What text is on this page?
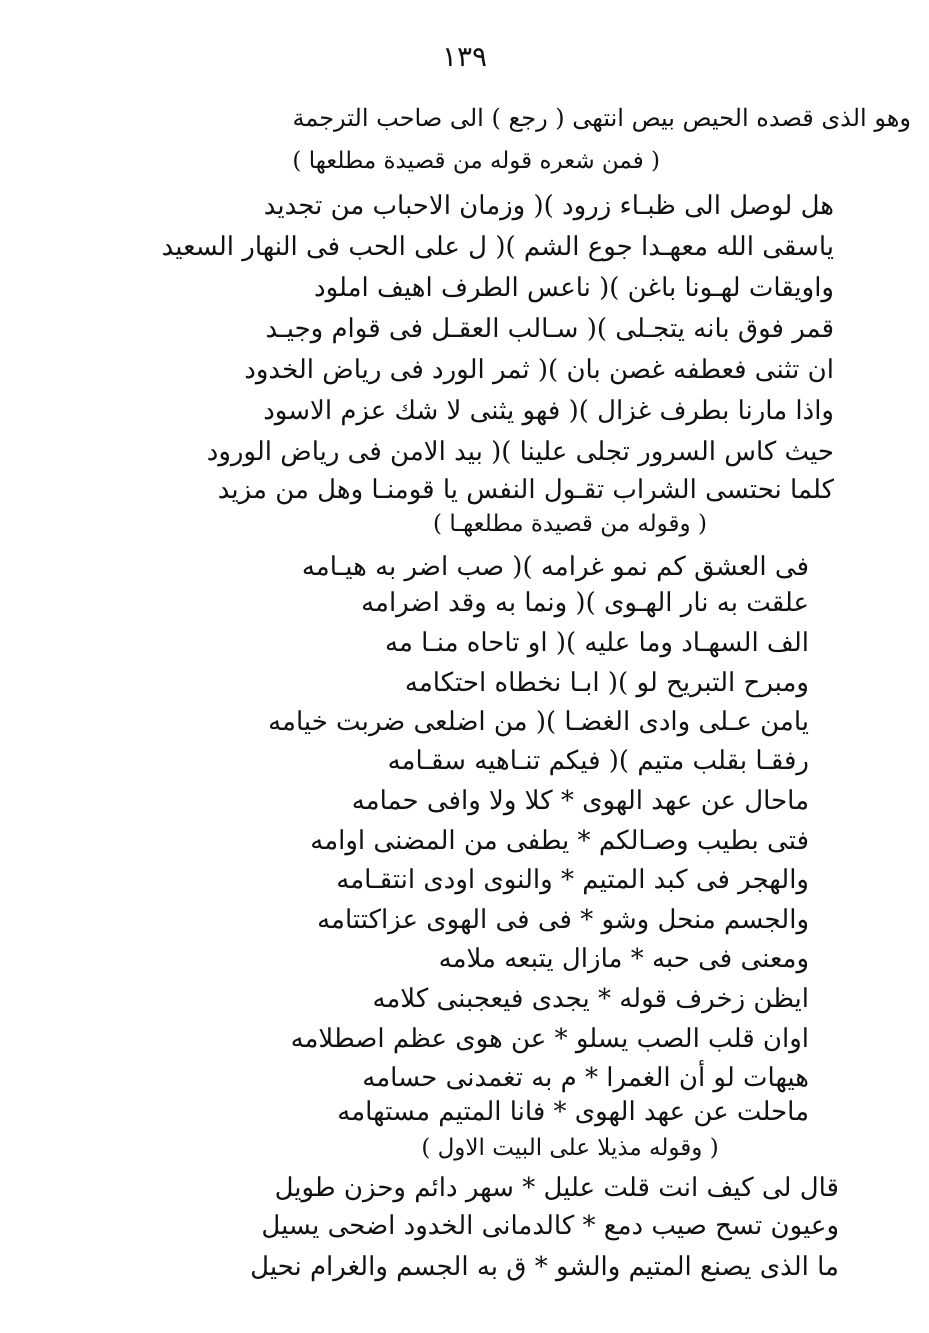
١٣٩
وهو الذى قصده الحيص بيص انتهى ( رجع ) الى صاحب الترجمة
( فمن شعره قوله من قصيدة مطلعها )
هل لوصل الى ظبـاء زرود )( وزمان الاحباب من تجديد
ياسقى الله معهـدا جوع الشم )( ل على الحب فى النهار السعيد
واويقات لهـونا باغن )( ناعس الطرف اهيف املود
قمر فوق بانه يتجـلى )( سـالب العقـل فى قوام وجيـد
ان تثنى فعطفه غصن بان )( ثمر الورد فى رياض الخدود
واذا مارنا بطرف غزال )( فهو يثنى لا شك عزم الاسود
حيث كاس السرور تجلى علينا )( بيد الامن فى رياض الورود
كلما نحتسى الشراب تقـول النفس يا قومنـا وهل من مزيد
( وقوله من قصيدة مطلعهـا )
فى العشق كم نمو غرامه )( صب اضر به هيـامه
علقت به نار الهـوى )( ونما به وقد اضرامه
الف السهـاد وما عليه )( او تاحاه منـا مه
ومبرح التبريح لو )( ابـا نخطاه احتكامه
يامن عـلى وادى الغضـا )( من اضلعى ضربت خيامه
رفقـا بقلب متيم )( فيكم تنـاهيه سقـامه
ماحال عن عهد الهوى * كلا ولا وافى حمامه
فتى بطيب وصـالكم * يطفى من المضنى اوامه
والهجر فى كبد المتيم * والنوى اودى انتقـامه
والجسم منحل وشو * فى فى الهوى عزاكتتامه
ومعنى فى حبه * مازال يتبعه ملامه
ايظن زخرف قوله * يجدى فيعجبنى كلامه
اوان قلب الصب يسلو * عن هوى عظم اصطلامه
هيهات لو أن الغمرا * م به تغمدنى حسامه
ماحلت عن عهد الهوى * فانا المتيم مستهامه
( وقوله مذيلا على البيت الاول )
قال لى كيف انت قلت عليل * سهر دائم وحزن طويل
وعيون تسح صيب دمع * كالدمانى الخدود اضحى يسيل
ما الذى يصنع المتيم والشو * ق به الجسم والغرام نحيل
